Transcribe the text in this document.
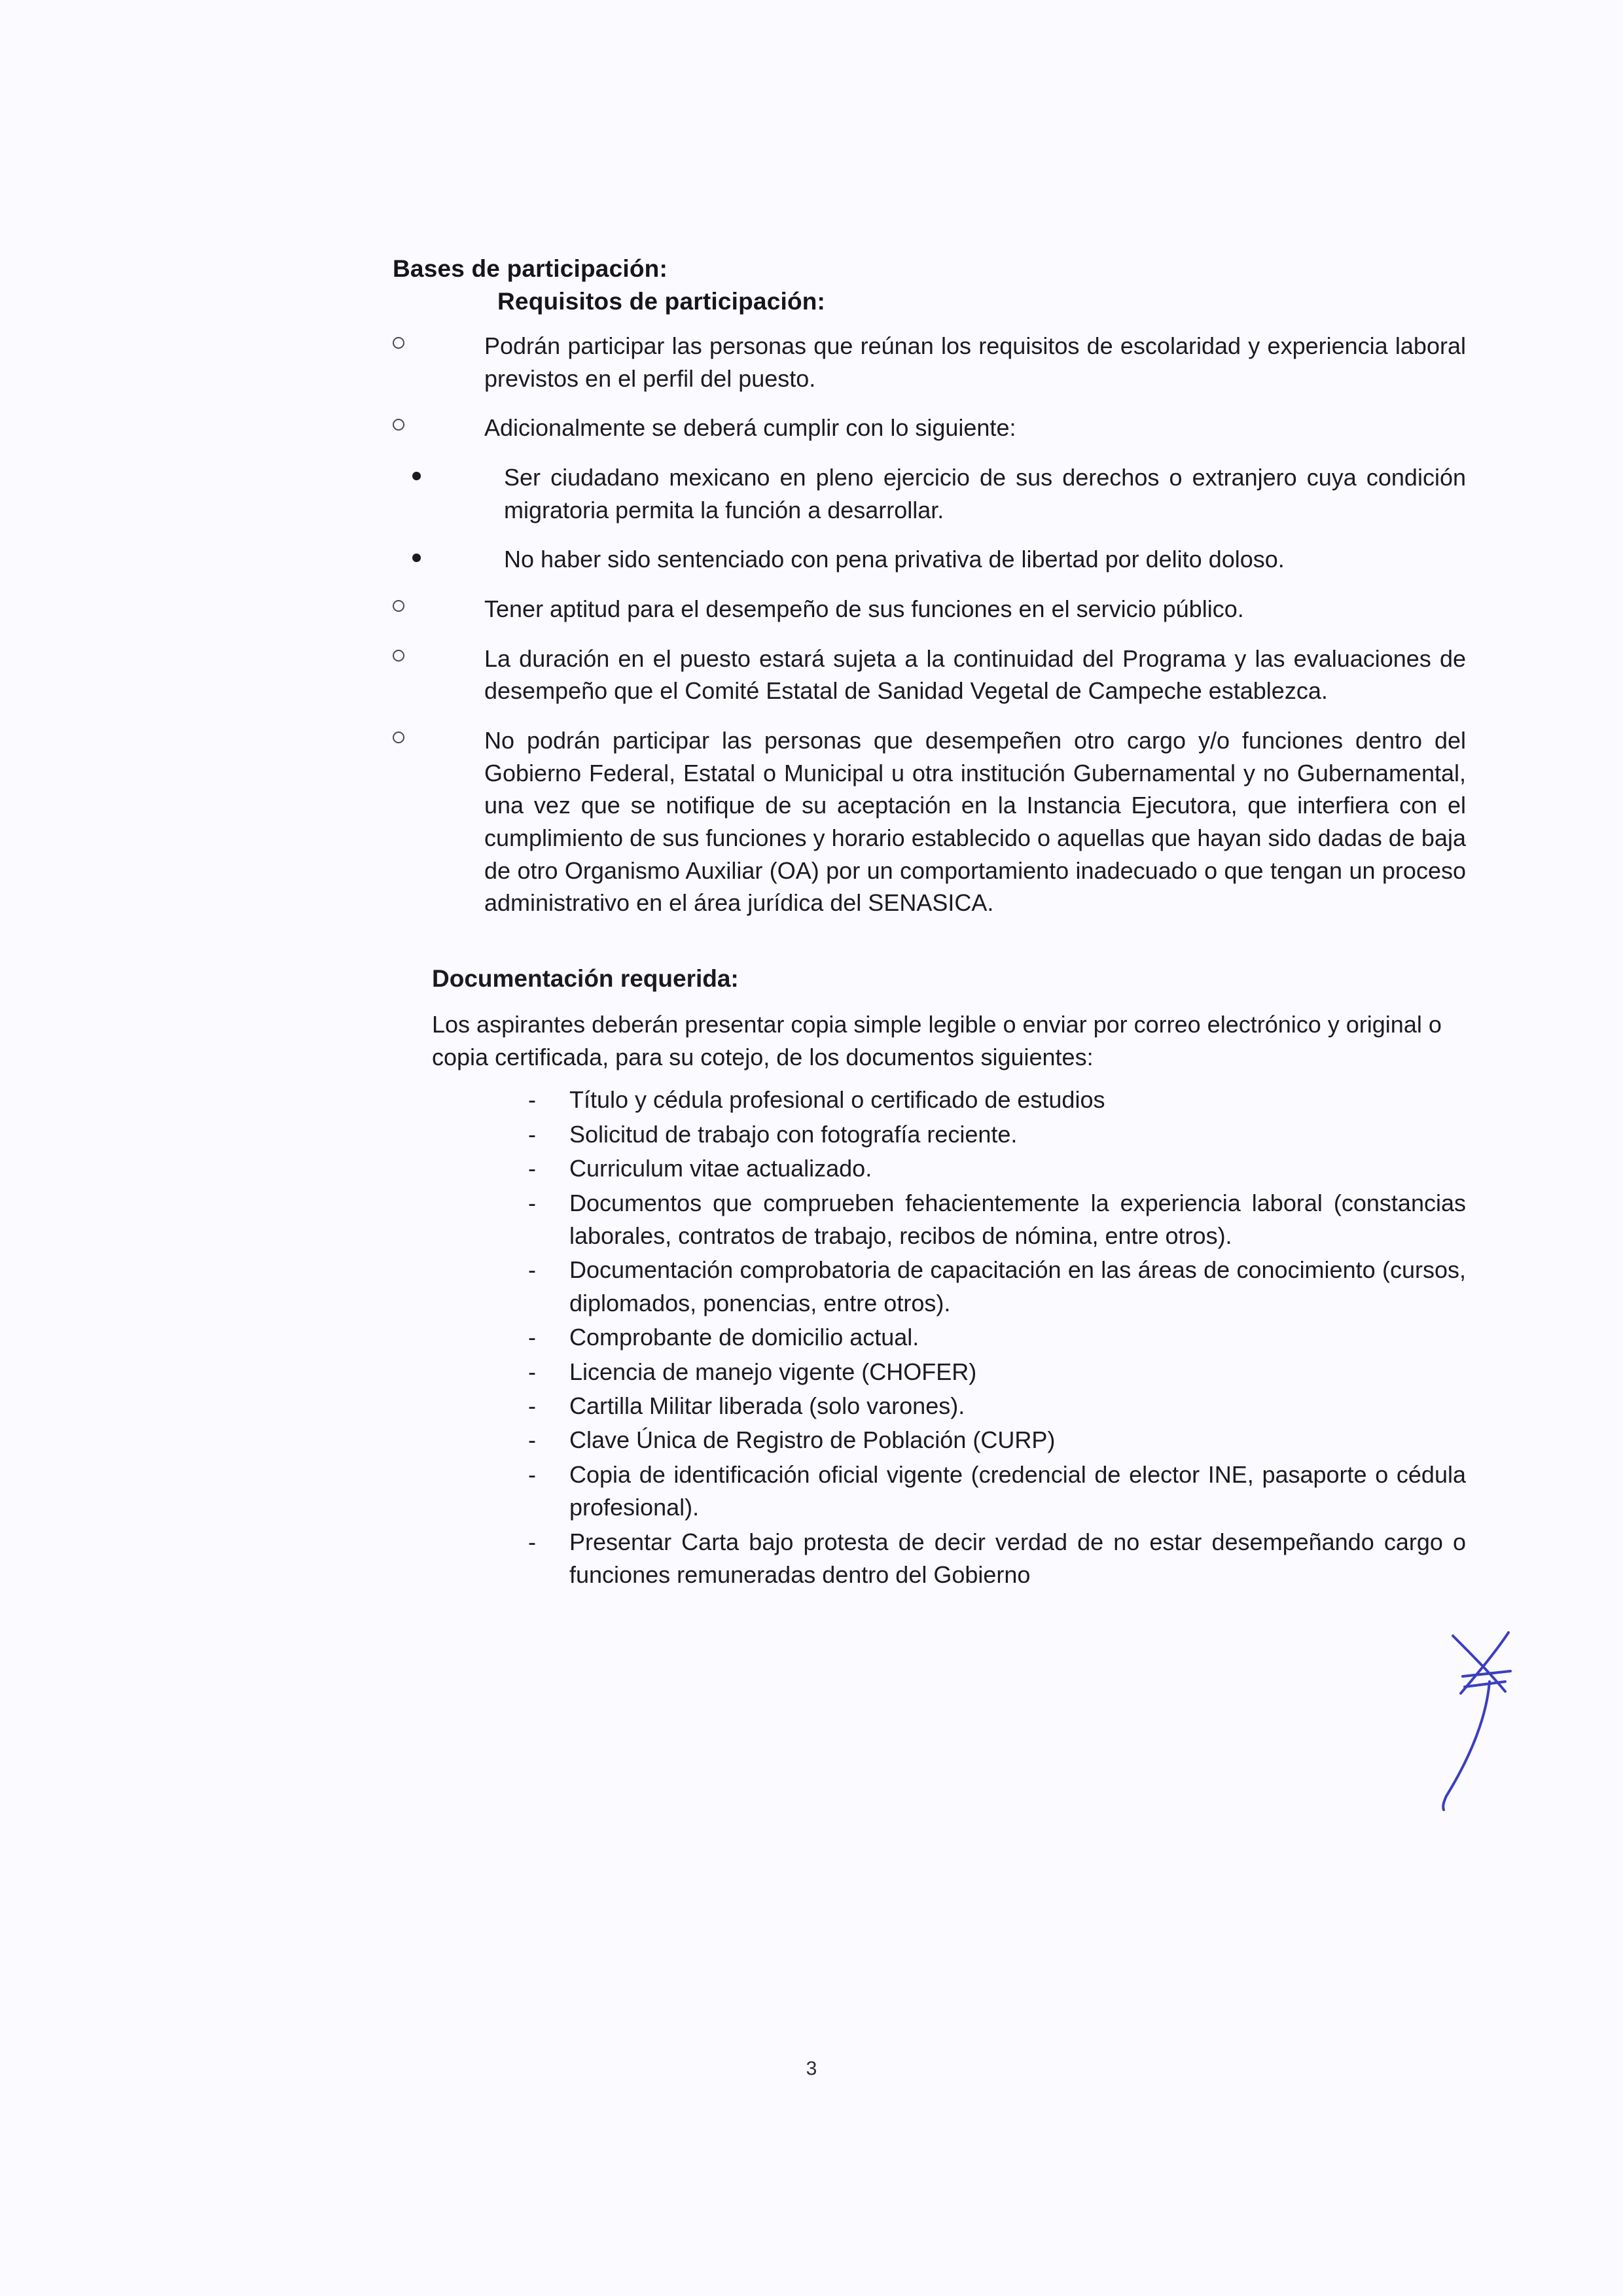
Bases de participación:
Requisitos de participación:
Podrán participar las personas que reúnan los requisitos de escolaridad y experiencia laboral previstos en el perfil del puesto.
Adicionalmente se deberá cumplir con lo siguiente:
Ser ciudadano mexicano en pleno ejercicio de sus derechos o extranjero cuya condición migratoria permita la función a desarrollar.
No haber sido sentenciado con pena privativa de libertad por delito doloso.
Tener aptitud para el desempeño de sus funciones en el servicio público.
La duración en el puesto estará sujeta a la continuidad del Programa y las evaluaciones de desempeño que el Comité Estatal de Sanidad Vegetal de Campeche establezca.
No podrán participar las personas que desempeñen otro cargo y/o funciones dentro del Gobierno Federal, Estatal o Municipal u otra institución Gubernamental y no Gubernamental, una vez que se notifique de su aceptación en la Instancia Ejecutora, que interfiera con el cumplimiento de sus funciones y horario establecido o aquellas que hayan sido dadas de baja de otro Organismo Auxiliar (OA) por un comportamiento inadecuado o que tengan un proceso administrativo en el área jurídica del SENASICA.
Documentación requerida:
Los aspirantes deberán presentar copia simple legible o enviar por correo electrónico y original o copia certificada, para su cotejo, de los documentos siguientes:
- Título y cédula profesional o certificado de estudios
- Solicitud de trabajo con fotografía reciente.
- Curriculum vitae actualizado.
- Documentos que comprueben fehacientemente la experiencia laboral (constancias laborales, contratos de trabajo, recibos de nómina, entre otros).
- Documentación comprobatoria de capacitación en las áreas de conocimiento (cursos, diplomados, ponencias, entre otros).
- Comprobante de domicilio actual.
- Licencia de manejo vigente (CHOFER)
- Cartilla Militar liberada (solo varones).
- Clave Única de Registro de Población (CURP)
- Copia de identificación oficial vigente (credencial de elector INE, pasaporte o cédula profesional).
- Presentar Carta bajo protesta de decir verdad de no estar desempeñando cargo o funciones remuneradas dentro del Gobierno
3
